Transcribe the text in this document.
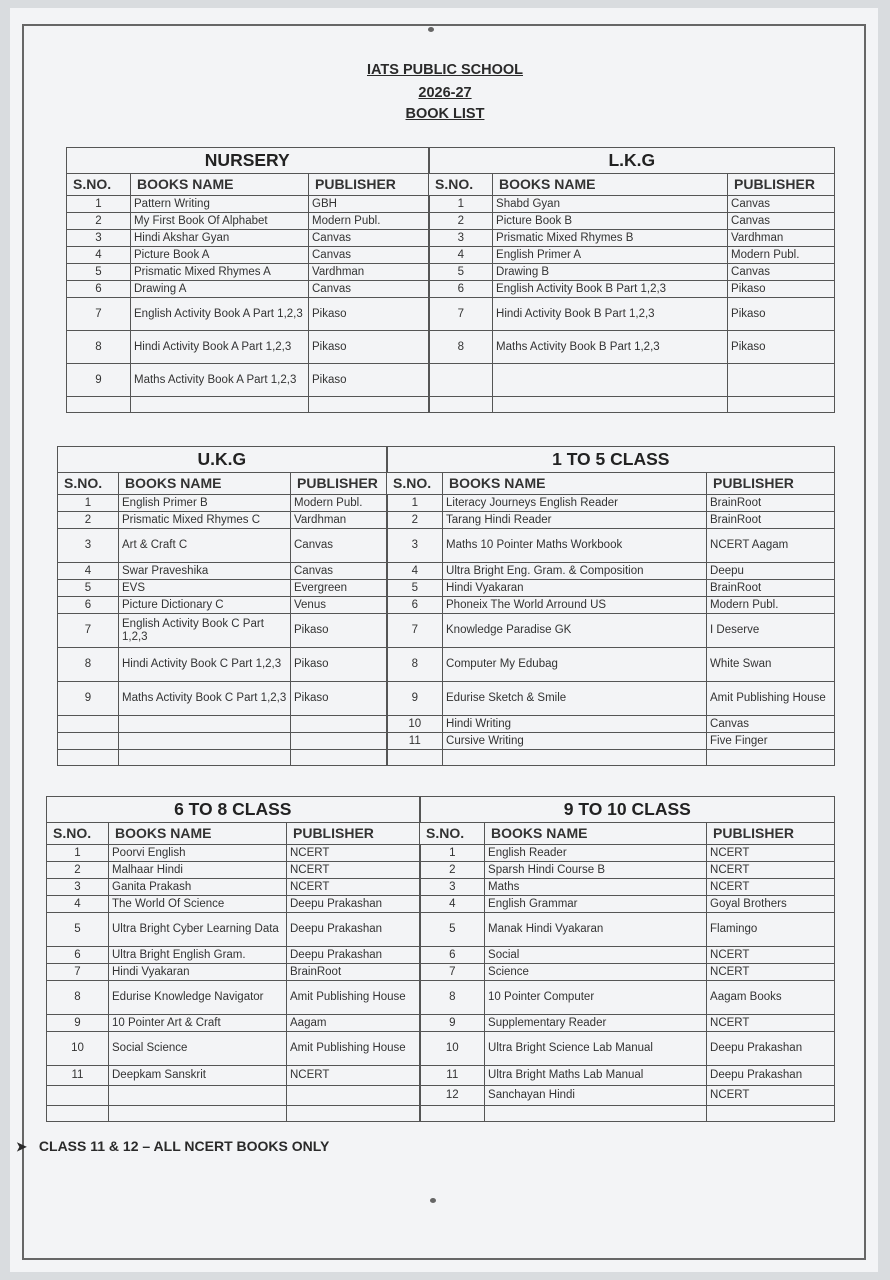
IATS PUBLIC SCHOOL
2026-27
BOOK LIST
NURSERY			L.K.G		
S.NO.	BOOKS NAME	PUBLISHER	S.NO.	BOOKS NAME	PUBLISHER
1	Pattern Writing	GBH	1	Shabd Gyan	Canvas
2	My First Book Of Alphabet	Modern Publ.	2	Picture Book B	Canvas
3	Hindi Akshar Gyan	Canvas	3	Prismatic Mixed Rhymes B	Vardhman
4	Picture Book A	Canvas	4	English Primer A	Modern Publ.
5	Prismatic Mixed Rhymes A	Vardhman	5	Drawing B	Canvas
6	Drawing A	Canvas	6	English Activity Book B Part 1,2,3	Pikaso
7	English Activity Book A Part 1,2,3	Pikaso	7	Hindi Activity Book B Part 1,2,3	Pikaso
8	Hindi Activity Book A Part 1,2,3	Pikaso	8	Maths Activity Book B Part 1,2,3	Pikaso
9	Maths Activity Book A Part 1,2,3	Pikaso			

U.K.G			1 TO 5 CLASS		
S.NO.	BOOKS NAME	PUBLISHER	S.NO.	BOOKS NAME	PUBLISHER
1	English Primer B	Modern Publ.	1	Literacy Journeys English Reader	BrainRoot
2	Prismatic Mixed Rhymes C	Vardhman	2	Tarang Hindi Reader	BrainRoot
3	Art & Craft C	Canvas	3	Maths 10 Pointer Maths Workbook	NCERT Aagam
4	Swar Praveshika	Canvas	4	Ultra Bright Eng. Gram. & Composition	Deepu
5	EVS	Evergreen	5	Hindi Vyakaran	BrainRoot
6	Picture Dictionary C	Venus	6	Phoneix The World Arround US	Modern Publ.
7	English Activity Book C Part 1,2,3	Pikaso	7	Knowledge Paradise GK	I Deserve
8	Hindi Activity Book C Part 1,2,3	Pikaso	8	Computer My Edubag	White Swan
9	Maths Activity Book C Part 1,2,3	Pikaso	9	Edurise Sketch & Smile	Amit Publishing House
			10	Hindi Writing	Canvas
			11	Cursive Writing	Five Finger

6 TO 8 CLASS			9 TO 10 CLASS		
S.NO.	BOOKS NAME	PUBLISHER	S.NO.	BOOKS NAME	PUBLISHER
1	Poorvi English	NCERT	1	English Reader	NCERT
2	Malhaar Hindi	NCERT	2	Sparsh Hindi Course B	NCERT
3	Ganita Prakash	NCERT	3	Maths	NCERT
4	The World Of Science	Deepu Prakashan	4	English Grammar	Goyal Brothers
5	Ultra Bright Cyber Learning Data	Deepu Prakashan	5	Manak Hindi Vyakaran	Flamingo
6	Ultra Bright English Gram.	Deepu Prakashan	6	Social	NCERT
7	Hindi Vyakaran	BrainRoot	7	Science	NCERT
8	Edurise Knowledge Navigator	Amit Publishing House	8	10 Pointer Computer	Aagam Books
9	10 Pointer Art & Craft	Aagam	9	Supplementary Reader	NCERT
10	Social Science	Amit Publishing House	10	Ultra Bright Science Lab Manual	Deepu Prakashan
11	Deepkam Sanskrit	NCERT	11	Ultra Bright Maths Lab Manual	Deepu Prakashan
			12	Sanchayan Hindi	NCERT

➤ CLASS 11 & 12 – ALL NCERT BOOKS ONLY
